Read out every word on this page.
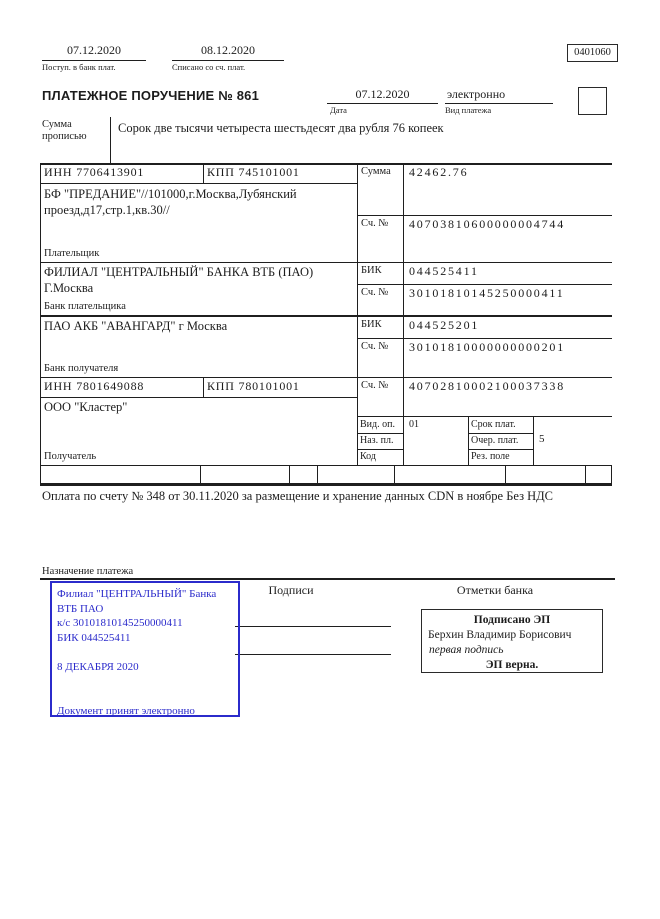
07.12.2020
Поступ. в банк плат.
08.12.2020
Списано со сч. плат.
0401060
ПЛАТЕЖНОЕ ПОРУЧЕНИЕ № 861	07.12.2020
Дата
электронно
Вид платежа
Сумма прописью
Сорок две тысячи четыреста шестьдесят два рубля 76 копеек
ИНН 7706413901	КПП 745101001
БФ "ПРЕДАНИЕ"//101000,г.Москва,Лубянский проезд,д17,стр.1,кв.30//
Плательщик
Сумма 42462.76
Сч. № 40703810600000004744
ФИЛИАЛ "ЦЕНТРАЛЬНЫЙ" БАНКА ВТБ (ПАО)
Г.Москва
Банк плательщика
БИК 044525411
Сч. № 30101810145250000411
ПАО АКБ "АВАНГАРД" г Москва
Банк получателя
БИК 044525201
Сч. № 30101810000000000201
ИНН 7801649088	КПП 780101001
ООО "Кластер"
Получатель
Сч. № 40702810002100037338
Вид. оп. 01	Срок плат.
Наз. пл.	Очер. плат. 5
Код	Рез. поле
Оплата по счету № 348 от 30.11.2020 за размещение и хранение данных CDN в ноябре Без НДС
Назначение платежа
Подписи	Отметки банка
Филиал "ЦЕНТРАЛЬНЫЙ" Банка
ВТБ ПАО
к/с 30101810145250000411
БИК 044525411
8 ДЕКАБРЯ 2020
Документ принят электронно
Подписано ЭП
Берхин Владимир Борисович
первая подпись
ЭП верна.
